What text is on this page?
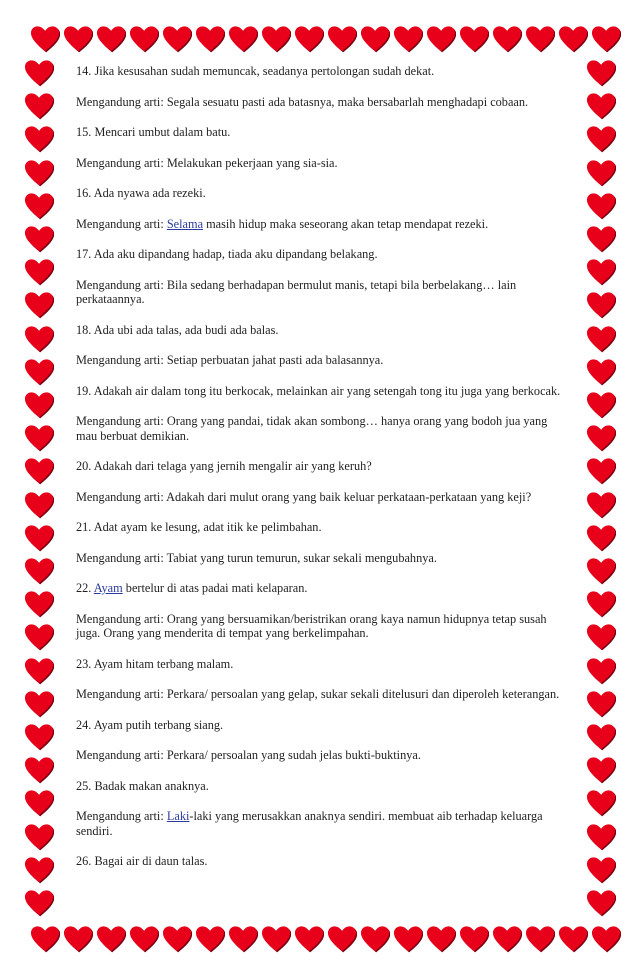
14. Jika kesusahan sudah memuncak, seadanya pertolongan sudah dekat.

Mengandung arti: Segala sesuatu pasti ada batasnya, maka bersabarlah menghadapi cobaan.

15. Mencari umbut dalam batu.

Mengandung arti: Melakukan pekerjaan yang sia-sia.

16. Ada nyawa ada rezeki.

Mengandung arti: Selama masih hidup maka seseorang akan tetap mendapat rezeki.

17. Ada aku dipandang hadap, tiada aku dipandang belakang.

Mengandung arti: Bila sedang berhadapan bermulut manis, tetapi bila berbelakang… lain perkataannya.

18. Ada ubi ada talas, ada budi ada balas.

Mengandung arti: Setiap perbuatan jahat pasti ada balasannya.

19. Adakah air dalam tong itu berkocak, melainkan air yang setengah tong itu juga yang berkocak.

Mengandung arti: Orang yang pandai, tidak akan sombong… hanya orang yang bodoh jua yang mau berbuat demikian.

20. Adakah dari telaga yang jernih mengalir air yang keruh?

Mengandung arti: Adakah dari mulut orang yang baik keluar perkataan-perkataan yang keji?

21. Adat ayam ke lesung, adat itik ke pelimbahan.

Mengandung arti: Tabiat yang turun temurun, sukar sekali mengubahnya.

22. Ayam bertelur di atas padai mati kelaparan.

Mengandung arti: Orang yang bersuamikan/beristrikan orang kaya namun hidupnya tetap susah juga. Orang yang menderita di tempat yang berkelimpahan.

23. Ayam hitam terbang malam.

Mengandung arti: Perkara/ persoalan yang gelap, sukar sekali ditelusuri dan diperoleh keterangan.

24. Ayam putih terbang siang.

Mengandung arti: Perkara/ persoalan yang sudah jelas bukti-buktinya.

25. Badak makan anaknya.

Mengandung arti: Laki-laki yang merusakkan anaknya sendiri. membuat aib terhadap keluarga sendiri.

26. Bagai air di daun talas.
